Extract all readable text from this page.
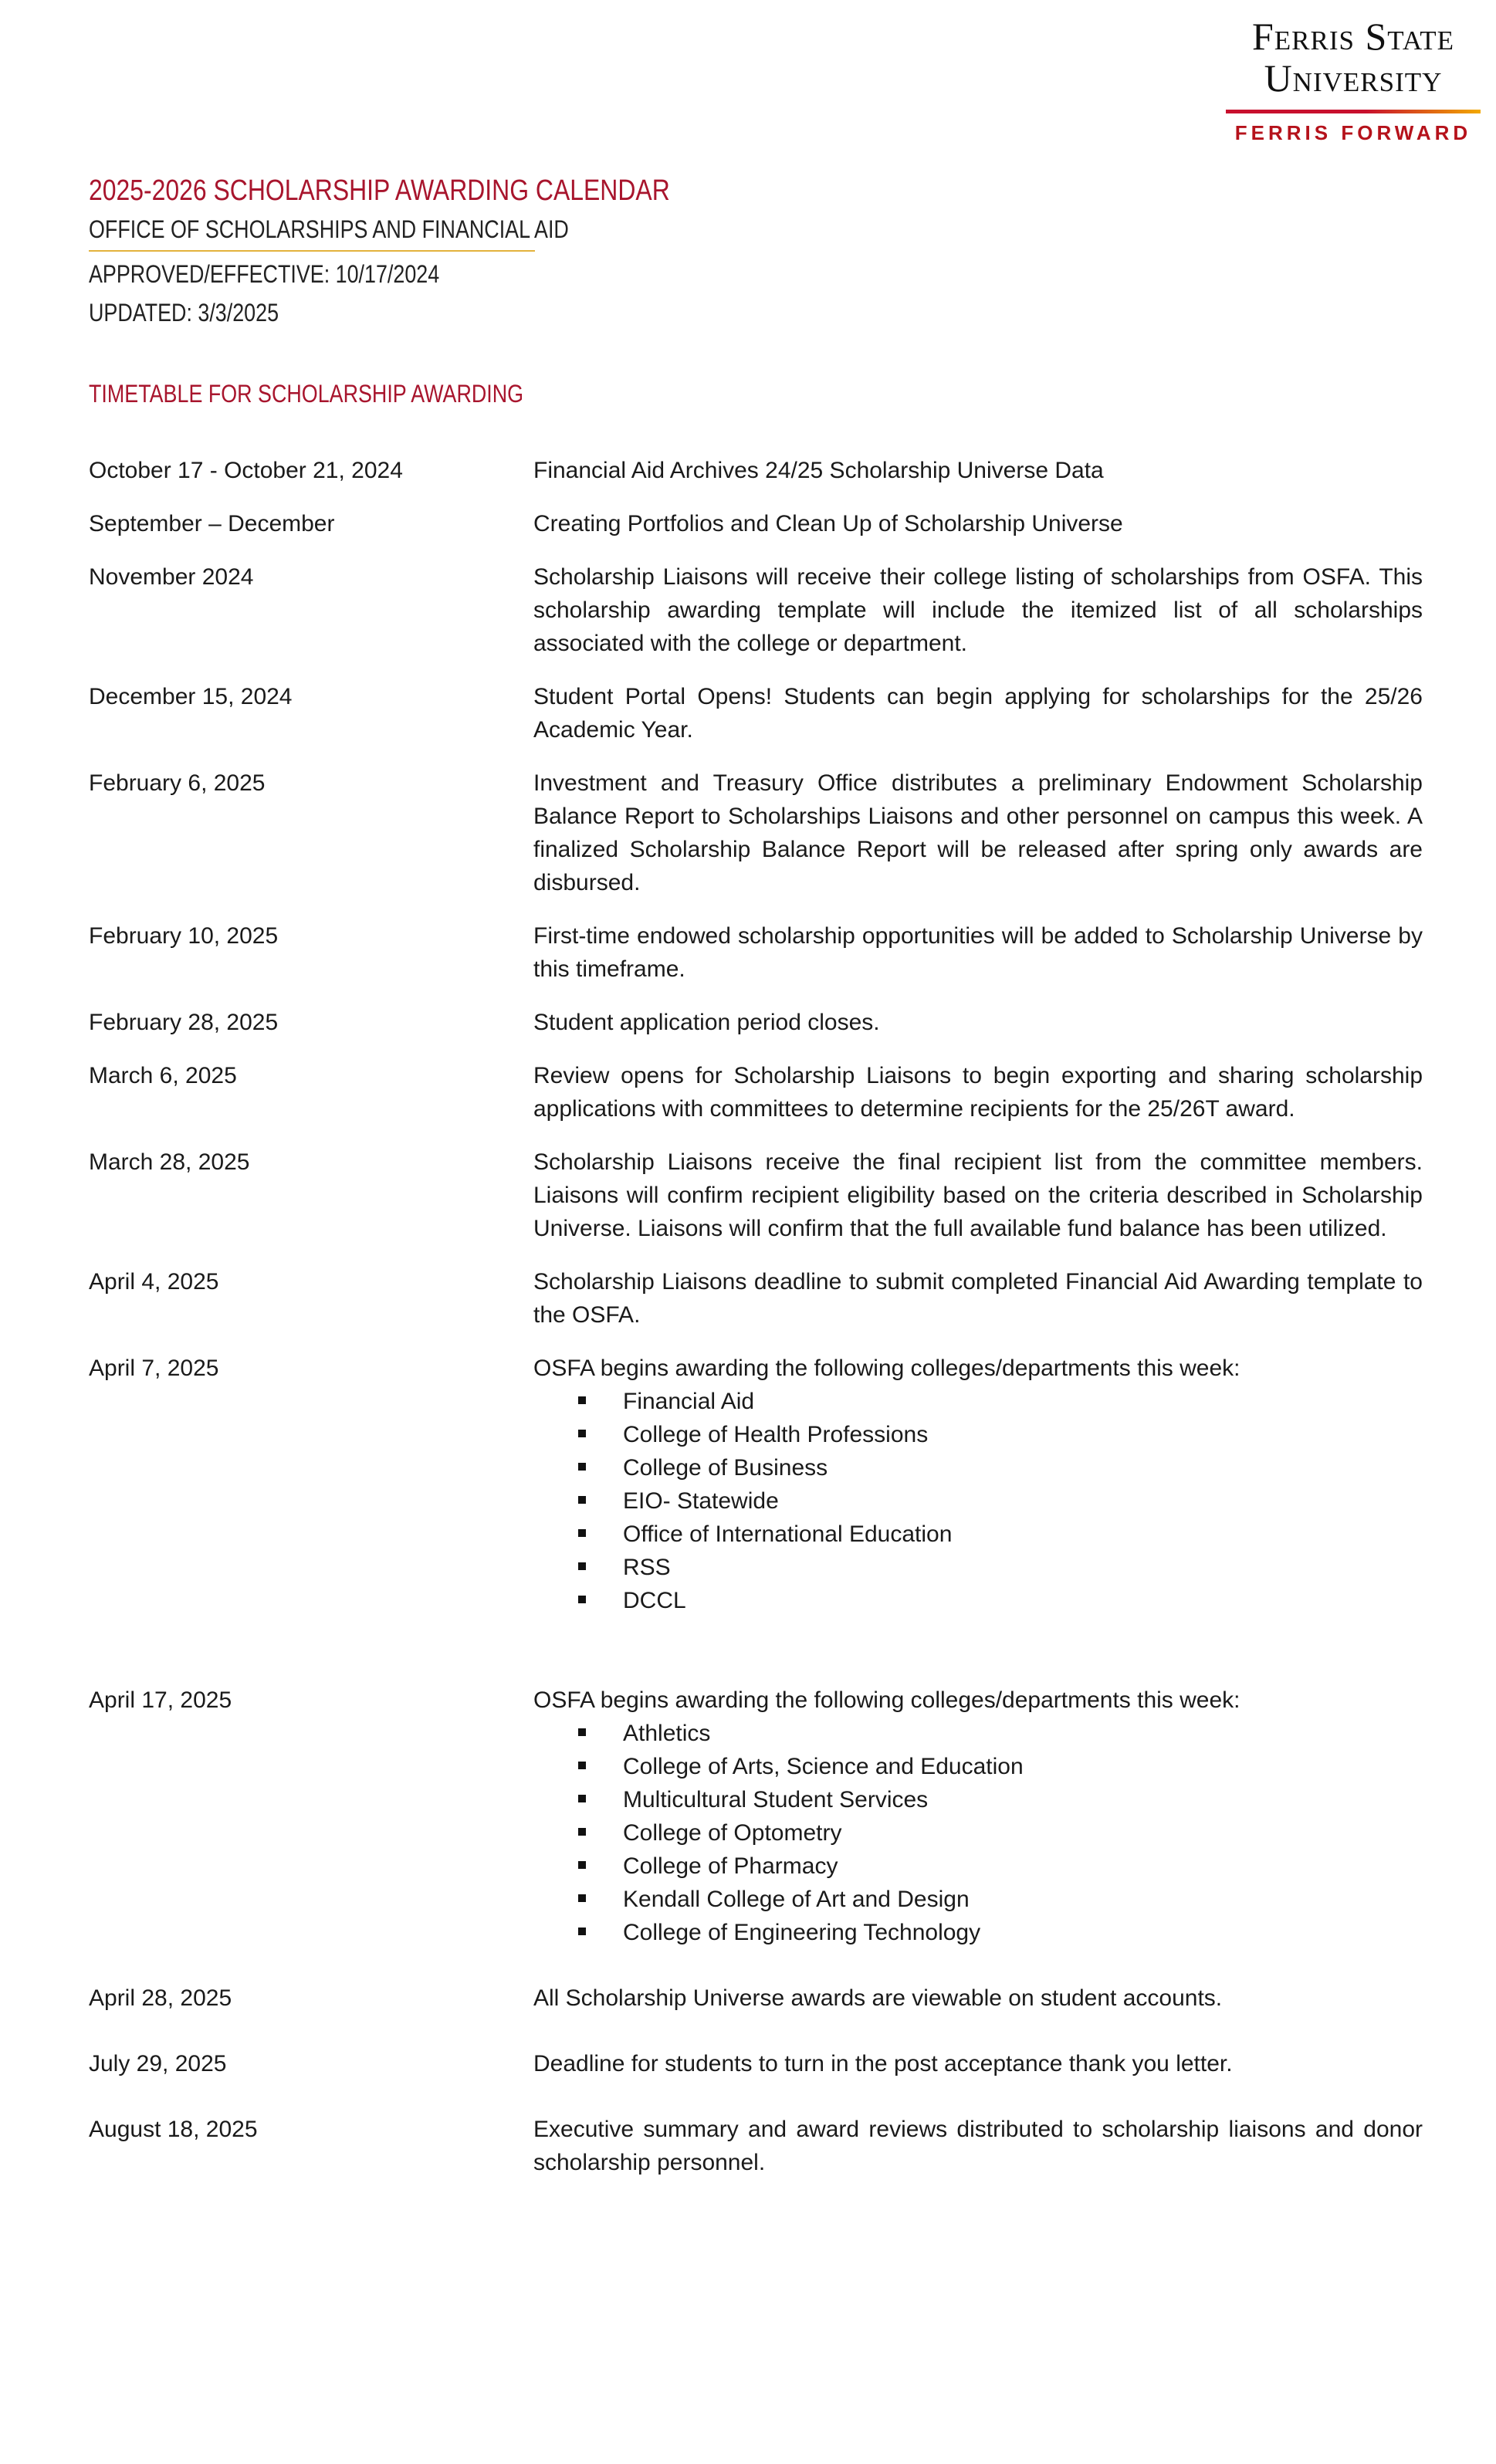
Ferris State
University
FERRIS FORWARD
2025-2026 SCHOLARSHIP AWARDING CALENDAR
OFFICE OF SCHOLARSHIPS AND FINANCIAL AID
APPROVED/EFFECTIVE: 10/17/2024
UPDATED: 3/3/2025
TIMETABLE FOR SCHOLARSHIP AWARDING
October 17 - October 21, 2024	Financial Aid Archives 24/25 Scholarship Universe Data

September – December	Creating Portfolios and Clean Up of Scholarship Universe

November 2024	Scholarship Liaisons will receive their college listing of scholarships from OSFA. This scholarship awarding template will include the itemized list of all scholarships associated with the college or department.

December 15, 2024	Student Portal Opens! Students can begin applying for scholarships for the 25/26 Academic Year.

February 6, 2025	Investment and Treasury Office distributes a preliminary Endowment Scholarship Balance Report to Scholarships Liaisons and other personnel on campus this week. A finalized Scholarship Balance Report will be released after spring only awards are disbursed.

February 10, 2025	First-time endowed scholarship opportunities will be added to Scholarship Universe by this timeframe.

February 28, 2025	Student application period closes.

March 6, 2025	Review opens for Scholarship Liaisons to begin exporting and sharing scholarship applications with committees to determine recipients for the 25/26T award.

March 28, 2025	Scholarship Liaisons receive the final recipient list from the committee members. Liaisons will confirm recipient eligibility based on the criteria described in Scholarship Universe. Liaisons will confirm that the full available fund balance has been utilized.

April 4, 2025	Scholarship Liaisons deadline to submit completed Financial Aid Awarding template to the OSFA.

April 7, 2025	OSFA begins awarding the following colleges/departments this week:

Financial Aid
College of Health Professions
College of Business
EIO- Statewide
Office of International Education
RSS
DCCL
April 17, 2025	OSFA begins awarding the following colleges/departments this week:

Athletics
College of Arts, Science and Education
Multicultural Student Services
College of Optometry
College of Pharmacy
Kendall College of Art and Design
College of Engineering Technology
April 28, 2025	All Scholarship Universe awards are viewable on student accounts.

July 29, 2025	Deadline for students to turn in the post acceptance thank you letter.

August 18, 2025	Executive summary and award reviews distributed to scholarship liaisons and donor scholarship personnel.
